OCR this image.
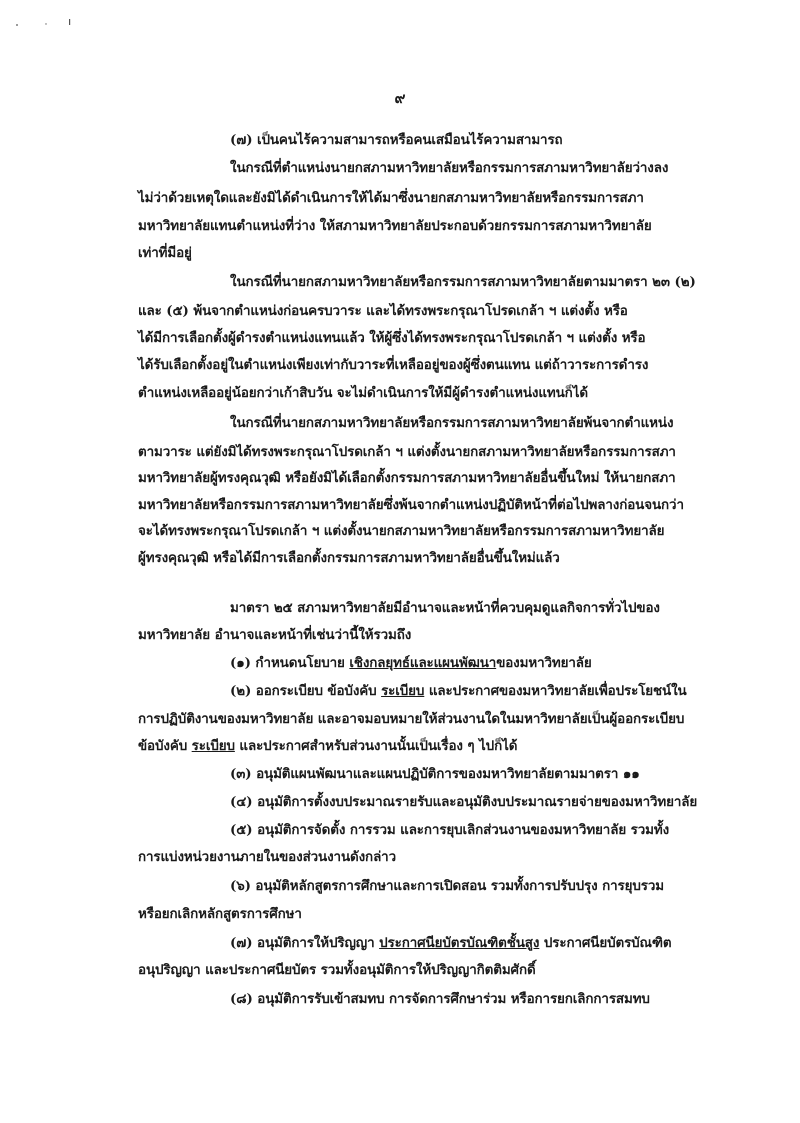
๙
(๗) เป็นคนไร้ความสามารถหรือคนเสมือนไร้ความสามารถ
ในกรณีที่ตำแหน่งนายกสภามหาวิทยาลัยหรือกรรมการสภามหาวิทยาลัยว่างลง
ไม่ว่าด้วยเหตุใดและยังมิได้ดำเนินการให้ได้มาซึ่งนายกสภามหาวิทยาลัยหรือกรรมการสภา
มหาวิทยาลัยแทนตำแหน่งที่ว่าง ให้สภามหาวิทยาลัยประกอบด้วยกรรมการสภามหาวิทยาลัย
เท่าที่มีอยู่
ในกรณีที่นายกสภามหาวิทยาลัยหรือกรรมการสภามหาวิทยาลัยตามมาตรา ๒๓ (๒)
และ (๕) พ้นจากตำแหน่งก่อนครบวาระ และได้ทรงพระกรุณาโปรดเกล้า ฯ แต่งตั้ง หรือ
ได้มีการเลือกตั้งผู้ดำรงตำแหน่งแทนแล้ว ให้ผู้ซึ่งได้ทรงพระกรุณาโปรดเกล้า ฯ แต่งตั้ง หรือ
ได้รับเลือกตั้งอยู่ในตำแหน่งเพียงเท่ากับวาระที่เหลืออยู่ของผู้ซึ่งตนแทน แต่ถ้าวาระการดำรง
ตำแหน่งเหลืออยู่น้อยกว่าเก้าสิบวัน จะไม่ดำเนินการให้มีผู้ดำรงตำแหน่งแทนก็ได้
ในกรณีที่นายกสภามหาวิทยาลัยหรือกรรมการสภามหาวิทยาลัยพ้นจากตำแหน่ง
ตามวาระ แต่ยังมิได้ทรงพระกรุณาโปรดเกล้า ฯ แต่งตั้งนายกสภามหาวิทยาลัยหรือกรรมการสภา
มหาวิทยาลัยผู้ทรงคุณวุฒิ หรือยังมิได้เลือกตั้งกรรมการสภามหาวิทยาลัยอื่นขึ้นใหม่ ให้นายกสภา
มหาวิทยาลัยหรือกรรมการสภามหาวิทยาลัยซึ่งพ้นจากตำแหน่งปฏิบัติหน้าที่ต่อไปพลางก่อนจนกว่า
จะได้ทรงพระกรุณาโปรดเกล้า ฯ แต่งตั้งนายกสภามหาวิทยาลัยหรือกรรมการสภามหาวิทยาลัย
ผู้ทรงคุณวุฒิ หรือได้มีการเลือกตั้งกรรมการสภามหาวิทยาลัยอื่นขึ้นใหม่แล้ว
มาตรา ๒๕ สภามหาวิทยาลัยมีอำนาจและหน้าที่ควบคุมดูแลกิจการทั่วไปของ
มหาวิทยาลัย อำนาจและหน้าที่เช่นว่านี้ให้รวมถึง
(๑) กำหนดนโยบาย เชิงกลยุทธ์และแผนพัฒนาของมหาวิทยาลัย
(๒) ออกระเบียบ ข้อบังคับ ระเบียบ และประกาศของมหาวิทยาลัยเพื่อประโยชน์ใน
การปฏิบัติงานของมหาวิทยาลัย และอาจมอบหมายให้ส่วนงานใดในมหาวิทยาลัยเป็นผู้ออกระเบียบ
ข้อบังคับ ระเบียบ และประกาศสำหรับส่วนงานนั้นเป็นเรื่อง ๆ ไปก็ได้
(๓) อนุมัติแผนพัฒนาและแผนปฏิบัติการของมหาวิทยาลัยตามมาตรา ๑๑
(๔) อนุมัติการตั้งงบประมาณรายรับและอนุมัติงบประมาณรายจ่ายของมหาวิทยาลัย
(๕) อนุมัติการจัดตั้ง การรวม และการยุบเลิกส่วนงานของมหาวิทยาลัย รวมทั้ง
การแบ่งหน่วยงานภายในของส่วนงานดังกล่าว
(๖) อนุมัติหลักสูตรการศึกษาและการเปิดสอน รวมทั้งการปรับปรุง การยุบรวม
หรือยกเลิกหลักสูตรการศึกษา
(๗) อนุมัติการให้ปริญญา ประกาศนียบัตรบัณฑิตชั้นสูง ประกาศนียบัตรบัณฑิต
อนุปริญญา และประกาศนียบัตร รวมทั้งอนุมัติการให้ปริญญากิตติมศักดิ์
(๘) อนุมัติการรับเข้าสมทบ การจัดการศึกษาร่วม หรือการยกเลิกการสมทบ
